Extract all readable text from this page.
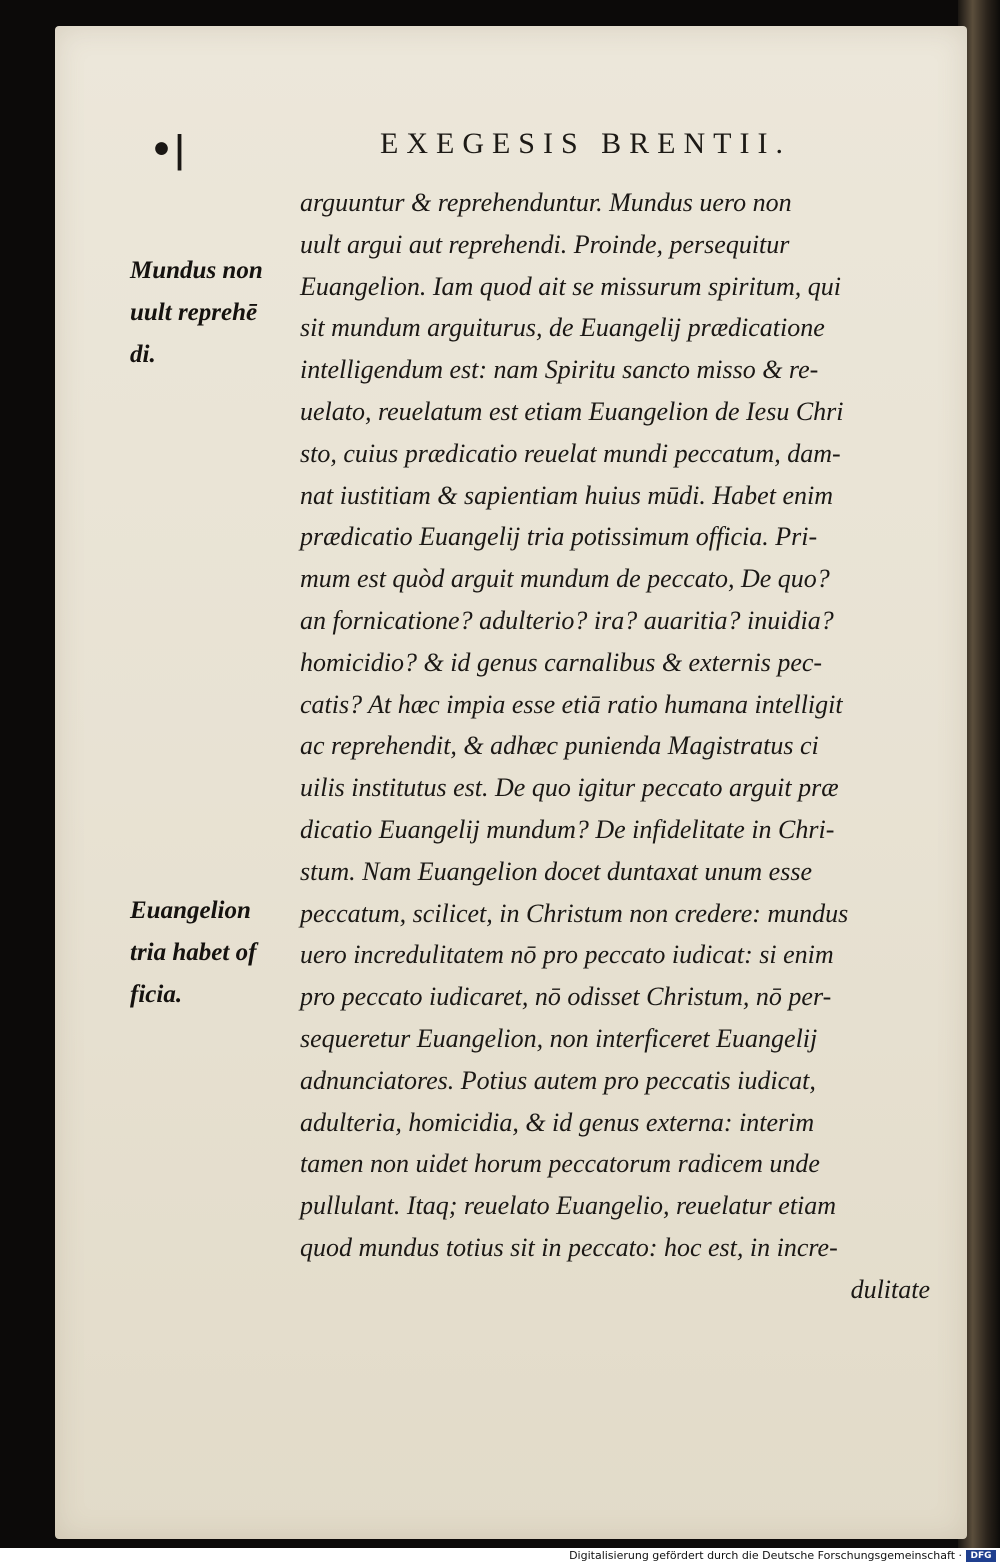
•|	EXEGESIS BRENTII.
Mundus non
uult reprehē
di.
Euangelion
tria habet of
ficia.
arguuntur & reprehenduntur. Mundus uero non
uult argui aut reprehendi. Proinde, persequitur
Euangelion. Iam quod ait se missurum spiritum, qui
sit mundum arguiturus, de Euangelij prædicatione
intelligendum est: nam Spiritu sancto misso & re-
uelato, reuelatum est etiam Euangelion de Iesu Chri
sto, cuius prædicatio reuelat mundi peccatum, dam-
nat iustitiam & sapientiam huius mūdi. Habet enim
prædicatio Euangelij tria potissimum officia. Pri-
mum est quòd arguit mundum de peccato, De quo?
an fornicatione? adulterio? ira? auaritia? inuidia?
homicidio? & id genus carnalibus & externis pec-
catis? At hæc impia esse etiā ratio humana intelligit
ac reprehendit, & adhæc punienda Magistratus ci
uilis institutus est. De quo igitur peccato arguit præ
dicatio Euangelij mundum? De infidelitate in Chri-
stum. Nam Euangelion docet duntaxat unum esse
peccatum, scilicet, in Christum non credere: mundus
uero incredulitatem nō pro peccato iudicat: si enim
pro peccato iudicaret, nō odisset Christum, nō per-
sequeretur Euangelion, non interficeret Euangelij
adnunciatores. Potius autem pro peccatis iudicat,
adulteria, homicidia, & id genus externa: interim
tamen non uidet horum peccatorum radicem unde
pullulant. Itaq; reuelato Euangelio, reuelatur etiam
quod mundus totius sit in peccato: hoc est, in incre-
dulitate
Digitalisierung gefördert durch die Deutsche Forschungsgemeinschaft · DFG
